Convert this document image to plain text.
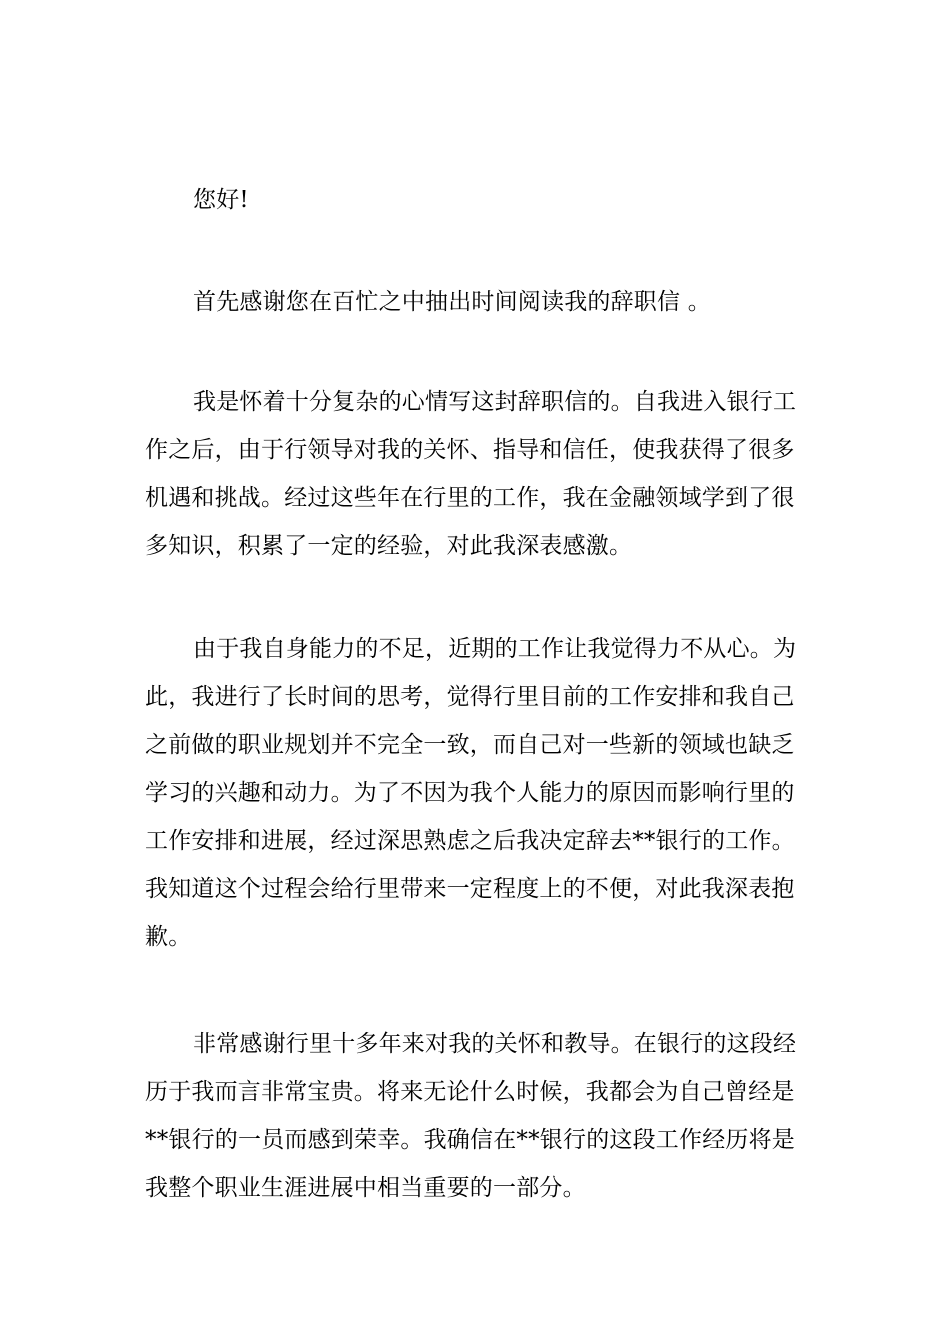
您好!

首先感谢您在百忙之中抽出时间阅读我的辞职信 。

我是怀着十分复杂的心情写这封辞职信的。自我进入银行工作之后，由于行领导对我的关怀、指导和信任，使我获得了很多机遇和挑战。经过这些年在行里的工作，我在金融领域学到了很多知识，积累了一定的经验，对此我深表感激。

由于我自身能力的不足，近期的工作让我觉得力不从心。为此，我进行了长时间的思考，觉得行里目前的工作安排和我自己之前做的职业规划并不完全一致，而自己对一些新的领域也缺乏学习的兴趣和动力。为了不因为我个人能力的原因而影响行里的工作安排和进展，经过深思熟虑之后我决定辞去**银行的工作。我知道这个过程会给行里带来一定程度上的不便，对此我深表抱歉。

非常感谢行里十多年来对我的关怀和教导。在银行的这段经历于我而言非常宝贵。将来无论什么时候，我都会为自己曾经是**银行的一员而感到荣幸。我确信在**银行的这段工作经历将是我整个职业生涯进展中相当重要的一部分。
